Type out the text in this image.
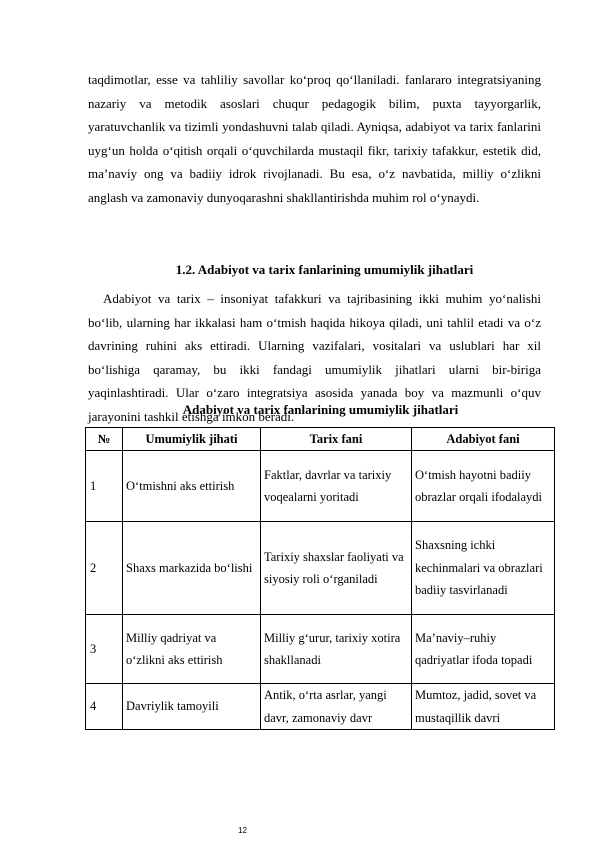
taqdimotlar, esse va tahliliy savollar ko‘proq qo‘llaniladi. fanlararo integratsiyaning nazariy va metodik asoslari chuqur pedagogik bilim, puxta tayyorgarlik, yaratuvchanlik va tizimli yondashuvni talab qiladi. Ayniqsa, adabiyot va tarix fanlarini uyg‘un holda o‘qitish orqali o‘quvchilarda mustaqil fikr, tarixiy tafakkur, estetik did, ma’naviy ong va badiiy idrok rivojlanadi. Bu esa, o‘z navbatida, milliy o‘zlikni anglash va zamonaviy dunyoqarashni shakllantirishda muhim rol o‘ynaydi.

1.2. Adabiyot va tarix fanlarining umumiylik jihatlari

Adabiyot va tarix – insoniyat tafakkuri va tajribasining ikki muhim yo‘nalishi bo‘lib, ularning har ikkalasi ham o‘tmish haqida hikoya qiladi, uni tahlil etadi va o‘z davrining ruhini aks ettiradi. Ularning vazifalari, vositalari va uslublari har xil bo‘lishiga qaramay, bu ikki fandagi umumiylik jihatlari ularni bir-biriga yaqinlashtiradi. Ular o‘zaro integratsiya asosida yanada boy va mazmunli o‘quv jarayonini tashkil etishga imkon beradi.

Adabiyot va tarix fanlarining umumiylik jihatlari

№	Umumiylik jihati	Tarix fani	Adabiyot fani
1	O‘tmishni aks ettirish	Faktlar, davrlar va tarixiy voqealarni yoritadi	O‘tmish hayotni badiiy obrazlar orqali ifodalaydi
2	Shaxs markazida bo‘lishi	Tarixiy shaxslar faoliyati va siyosiy roli o‘rganiladi	Shaxsning ichki kechinmalari va obrazlari badiiy tasvirlanadi
3	Milliy qadriyat va o‘zlikni aks ettirish	Milliy g‘urur, tarixiy xotira shakllanadi	Ma’naviy–ruhiy qadriyatlar ifoda topadi
4	Davriylik tamoyili	Antik, o‘rta asrlar, yangi davr, zamonaviy davr	Mumtoz, jadid, sovet va mustaqillik davri

12
